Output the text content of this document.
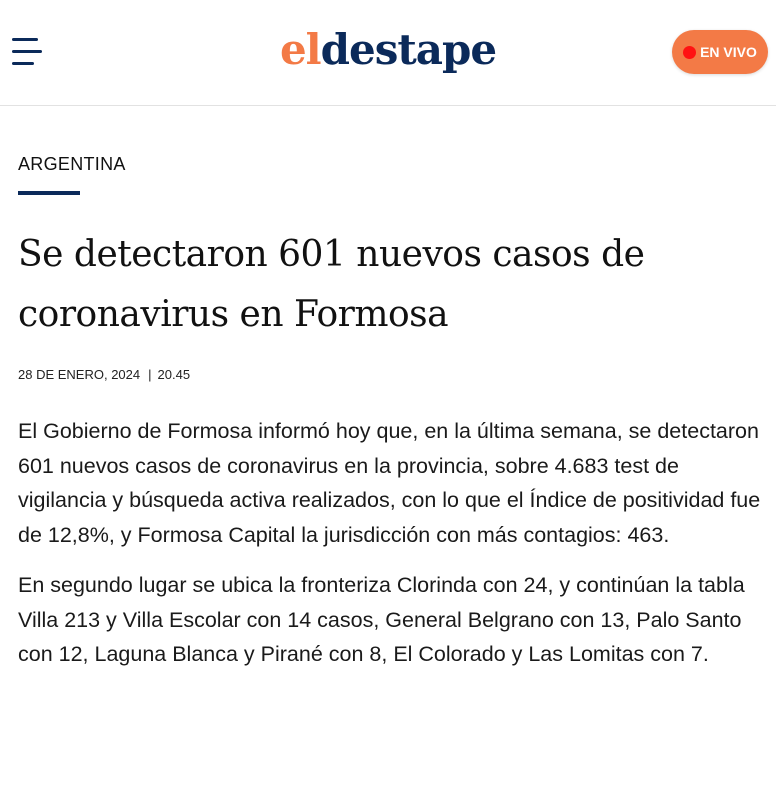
eldestape	EN VIVO
ARGENTINA
Se detectaron 601 nuevos casos de coronavirus en Formosa
28 DE ENERO, 2024 | 20.45

El Gobierno de Formosa informó hoy que, en la última semana, se detectaron 601 nuevos casos de coronavirus en la provincia, sobre 4.683 test de vigilancia y búsqueda activa realizados, con lo que el Índice de positividad fue de 12,8%, y Formosa Capital la jurisdicción con más contagios: 463.

En segundo lugar se ubica la fronteriza Clorinda con 24, y continúan la tabla Villa 213 y Villa Escolar con 14 casos, General Belgrano con 13, Palo Santo con 12, Laguna Blanca y Pirané con 8, El Colorado y Las Lomitas con 7.
